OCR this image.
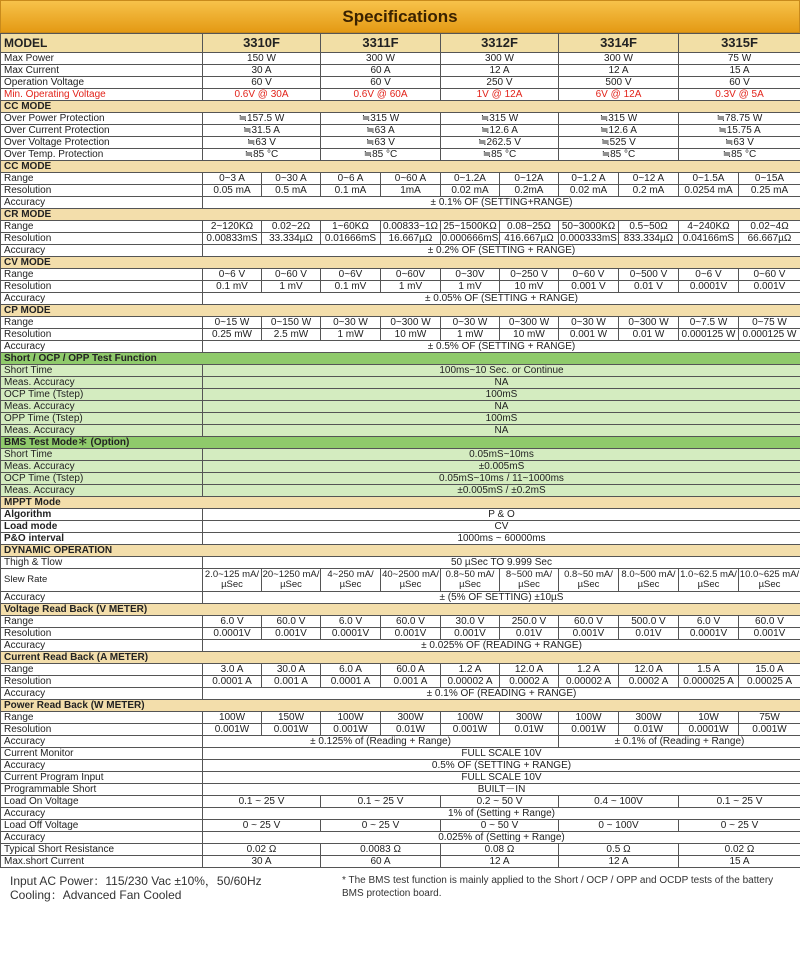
Specifications
MODEL	3310F		3311F		3312F		3314F		3315F	
Max Power	150 W		300 W		300 W		300 W		75 W	
Max Current	30 A		60 A		12 A		12 A		15 A	
Operation Voltage	60 V		60 V		250 V		500 V		60 V	
Min. Operating Voltage	0.6V @ 30A		0.6V @ 60A		1V @ 12A		6V @ 12A		0.3V @ 5A	
CC MODE										
Over Power Protection	≒157.5 W		≒315 W		≒315 W		≒315 W		≒78.75 W	
Over Current Protection	≒31.5 A		≒63 A		≒12.6 A		≒12.6 A		≒15.75 A	
Over Voltage Protection	≒63 V		≒63 V		≒262.5 V		≒525 V		≒63 V	
Over Temp. Protection	≒85 °C		≒85 °C		≒85 °C		≒85 °C		≒85 °C	
CC MODE										
Range	0~3 A	0~30 A	0~6 A	0~60 A	0~1.2A	0~12A	0~1.2 A	0~12 A	0~1.5A	0~15A
Resolution	0.05 mA	0.5 mA	0.1 mA	1mA	0.02 mA	0.2mA	0.02 mA	0.2 mA	0.0254 mA	0.25 mA
Accuracy	± 0.1% OF (SETTING+RANGE)									
CR MODE										
Range	2~120KΩ	0.02~2Ω	1~60KΩ	0.00833~1Ω	25~1500KΩ	0.08~25Ω	50~3000KΩ	0.5~50Ω	4~240KΩ	0.02~4Ω
Resolution	0.00833mS	33.334µΩ	0.01666mS	16.667µΩ	0.000666mS	416.667µΩ	0.000333mS	833.334µΩ	0.04166mS	66.667µΩ
Accuracy	± 0.2% OF (SETTING + RANGE)									
CV MODE										
Range	0~6 V	0~60 V	0~6V	0~60V	0~30V	0~250 V	0~60 V	0~500 V	0~6 V	0~60 V
Resolution	0.1 mV	1 mV	0.1 mV	1 mV	1 mV	10 mV	0.001 V	0.01 V	0.0001V	0.001V
Accuracy	± 0.05% OF (SETTING + RANGE)									
CP MODE										
Range	0~15 W	0~150 W	0~30 W	0~300 W	0~30 W	0~300 W	0~30 W	0~300 W	0~7.5 W	0~75 W
Resolution	0.25 mW	2.5 mW	1 mW	10 mW	1 mW	10 mW	0.001 W	0.01 W	0.000125 W	0.000125 W
Accuracy	± 0.5% OF (SETTING + RANGE)									
Short / OCP / OPP Test Function										
Short Time	100ms~10 Sec. or Continue									
Meas. Accuracy	NA									
OCP Time (Tstep)	100mS									
Meas. Accuracy	NA									
OPP Time (Tstep)	100mS									
Meas. Accuracy	NA									
BMS Test Mode＊ (Option)										
Short Time	0.05mS~10ms									
Meas. Accuracy	±0.005mS									
OCP Time (Tstep)	0.05mS~10ms / 11~1000ms									
Meas. Accuracy	±0.005mS / ±0.2mS									
MPPT Mode										
Algorithm	P & O									
Load mode	CV									
P&O interval	1000ms ~ 60000ms									
DYNAMIC OPERATION										
Thigh & Tlow	50 µSec TO 9.999 Sec									
Slew Rate	2.0~125 mA/µSec	20~1250 mA/µSec	4~250 mA/µSec	40~2500 mA/µSec	0.8~50 mA/µSec	8~500 mA/µSec	0.8~50 mA/µSec	8.0~500 mA/µSec	1.0~62.5 mA/µSec	10.0~625 mA/µSec
Accuracy	± (5% OF SETTING) ±10µS									
Voltage Read Back (V METER)										
Range	6.0 V	60.0 V	6.0 V	60.0 V	30.0 V	250.0 V	60.0 V	500.0 V	6.0 V	60.0 V
Resolution	0.0001V	0.001V	0.0001V	0.001V	0.001V	0.01V	0.001V	0.01V	0.0001V	0.001V
Accuracy	± 0.025% OF (READING + RANGE)									
Current Read Back (A METER)										
Range	3.0 A	30.0 A	6.0 A	60.0 A	1.2 A	12.0 A	1.2 A	12.0 A	1.5 A	15.0 A
Resolution	0.0001 A	0.001 A	0.0001 A	0.001 A	0.00002 A	0.0002 A	0.00002 A	0.0002 A	0.000025 A	0.00025 A
Accuracy	± 0.1% OF (READING + RANGE)									
Power Read Back (W METER)										
Range	100W	150W	100W	300W	100W	300W	100W	300W	10W	75W
Resolution	0.001W	0.001W	0.001W	0.01W	0.001W	0.01W	0.001W	0.01W	0.0001W	0.001W
Accuracy	± 0.125% of (Reading + Range)						± 0.1% of (Reading + Range)			
Current Monitor	FULL SCALE 10V									
Accuracy	0.5% OF (SETTING + RANGE)									
Current Program Input	FULL SCALE 10V									
Programmable Short	BUILT－IN									
Load On Voltage	0.1 ~ 25 V		0.1 ~ 25 V		0.2 ~ 50 V		0.4 ~ 100V		0.1 ~ 25 V	
Accuracy	1% of (Setting + Range)									
Load Off Voltage	0 ~ 25 V		0 ~ 25 V		0 ~ 50 V		0 ~ 100V		0 ~ 25 V	
Accuracy	0.025% of (Setting + Range)									
Typical Short Resistance	0.02 Ω		0.0083 Ω		0.08 Ω		0.5 Ω		0.02 Ω	
Max.short Current	30 A		60 A		12 A		12 A		15 A	
Input AC Power：115/230 Vac ±10%，50/60Hz
Cooling：Advanced Fan Cooled
* The BMS test function is mainly applied to the Short / OCP / OPP and OCDP tests of the battery BMS protection board.
